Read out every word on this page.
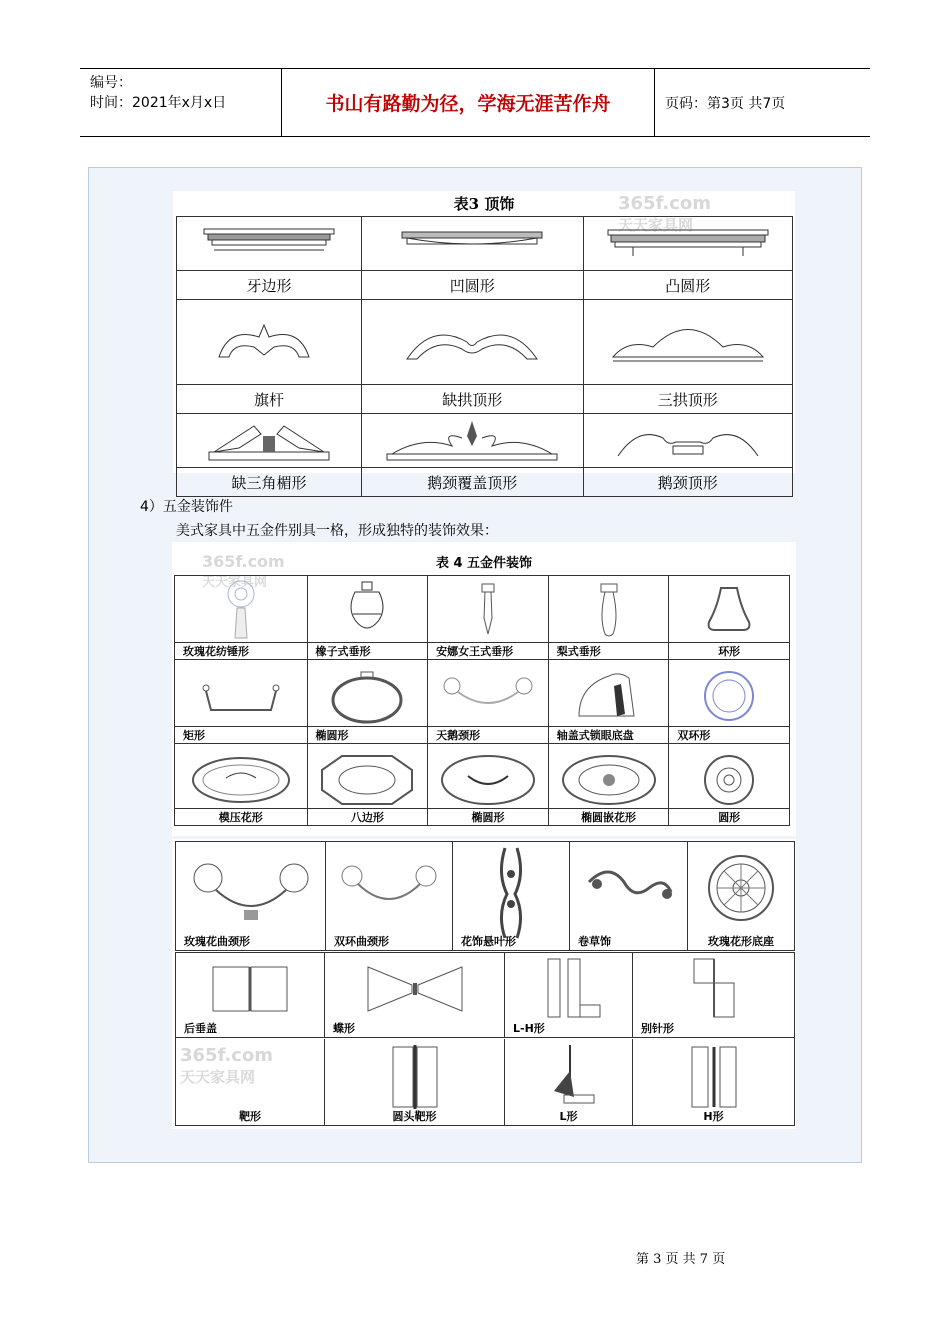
编号：
时间：2021年x月x日	书山有路勤为径，学海无涯苦作舟	页码：第3页 共7页
表3 顶饰	365f.com
天天家具网

牙边形	凹圆形	凸圆形

旗杆	缺拱顶形	三拱顶形

缺三角楣形	鹅颈覆盖顶形	鹅颈顶形
4）五金装饰件
美式家具中五金件别具一格，形成独特的装饰效果：
表 4 五金件装饰
365f.com
天天家具网

玫瑰花纺锤形	橡子式垂形	安娜女王式垂形	梨式垂形	环形

矩形	椭圆形	天鹅颈形	轴盖式锁眼底盘	双环形

模压花形	八边形	椭圆形	椭圆嵌花形	圆形
玫瑰花曲颈形	双环曲颈形	花饰悬叶形	卷草饰	玫瑰花形底座
后垂盖	蝶形	L-H形	别针形
365f.com
天天家具网
靶形	圆头靶形	L形	H形
第 3 页 共 7 页
